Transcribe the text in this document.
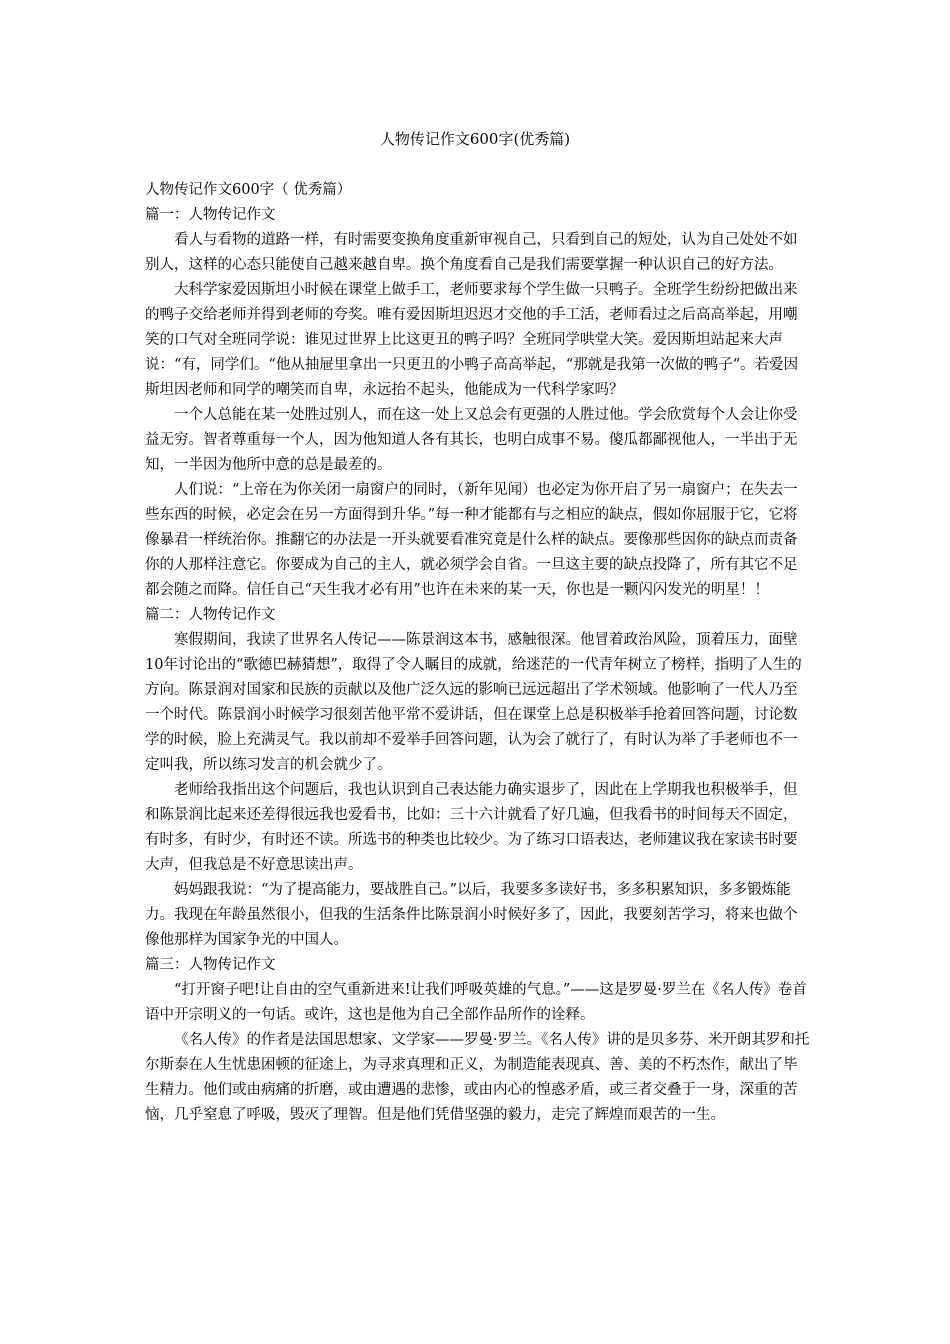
人物传记作文600字(优秀篇)

人物传记作文600字（ 优秀篇）

篇一：人物传记作文

看人与看物的道路一样，有时需要变换角度重新审视自己，只看到自己的短处，认为自己处处不如别人，这样的心态只能使自己越来越自卑。换个角度看自己是我们需要掌握一种认识自己的好方法。

大科学家爱因斯坦小时候在课堂上做手工，老师要求每个学生做一只鸭子。全班学生纷纷把做出来的鸭子交给老师并得到老师的夸奖。唯有爱因斯坦迟迟才交他的手工活，老师看过之后高高举起，用嘲笑的口气对全班同学说：谁见过世界上比这更丑的鸭子吗？全班同学哄堂大笑。爱因斯坦站起来大声说：“有，同学们。“他从抽屉里拿出一只更丑的小鸭子高高举起，“那就是我第一次做的鸭子“。若爱因斯坦因老师和同学的嘲笑而自卑，永远抬不起头，他能成为一代科学家吗？

一个人总能在某一处胜过别人，而在这一处上又总会有更强的人胜过他。学会欣赏每个人会让你受益无穷。智者尊重每一个人，因为他知道人各有其长，也明白成事不易。傻瓜都鄙视他人，一半出于无知，一半因为他所中意的总是最差的。

人们说：“上帝在为你关闭一扇窗户的同时，（新年见闻）也必定为你开启了另一扇窗户；在失去一些东西的时候，必定会在另一方面得到升华。”每一种才能都有与之相应的缺点，假如你屈服于它，它将像暴君一样统治你。推翻它的办法是一开头就要看准究竟是什么样的缺点。要像那些因你的缺点而责备你的人那样注意它。你要成为自己的主人，就必须学会自省。一旦这主要的缺点投降了，所有其它不足都会随之而降。信任自己“天生我才必有用”也许在未来的某一天，你也是一颗闪闪发光的明星！！

篇二：人物传记作文

寒假期间，我读了世界名人传记——陈景润这本书，感触很深。他冒着政治风险，顶着压力，面壁10年讨论出的“歌德巴赫猜想”，取得了令人瞩目的成就，给迷茫的一代青年树立了榜样，指明了人生的方向。陈景润对国家和民族的贡献以及他广泛久远的影响已远远超出了学术领域。他影响了一代人乃至一个时代。陈景润小时候学习很刻苦他平常不爱讲话，但在课堂上总是积极举手抢着回答问题，讨论数学的时候，脸上充满灵气。我以前却不爱举手回答问题，认为会了就行了，有时认为举了手老师也不一定叫我，所以练习发言的机会就少了。

老师给我指出这个问题后，我也认识到自己表达能力确实退步了，因此在上学期我也积极举手，但和陈景润比起来还差得很远我也爱看书，比如：三十六计就看了好几遍，但我看书的时间每天不固定，有时多，有时少，有时还不读。所选书的种类也比较少。为了练习口语表达，老师建议我在家读书时要大声，但我总是不好意思读出声。

妈妈跟我说：“为了提高能力，要战胜自己。”以后，我要多多读好书，多多积累知识，多多锻炼能力。我现在年龄虽然很小，但我的生活条件比陈景润小时候好多了，因此，我要刻苦学习，将来也做个像他那样为国家争光的中国人。

篇三：人物传记作文

“打开窗子吧!让自由的空气重新进来!让我们呼吸英雄的气息。”——这是罗曼·罗兰在《名人传》卷首语中开宗明义的一句话。或许，这也是他为自己全部作品所作的诠释。

《名人传》的作者是法国思想家、文学家——罗曼·罗兰。《名人传》讲的是贝多芬、米开朗其罗和托尔斯泰在人生忧患困顿的征途上，为寻求真理和正义，为制造能表现真、善、美的不朽杰作，献出了毕生精力。他们或由病痛的折磨，或由遭遇的悲惨，或由内心的惶惑矛盾，或三者交叠于一身，深重的苦恼，几乎窒息了呼吸，毁灭了理智。但是他们凭借坚强的毅力，走完了辉煌而艰苦的一生。
